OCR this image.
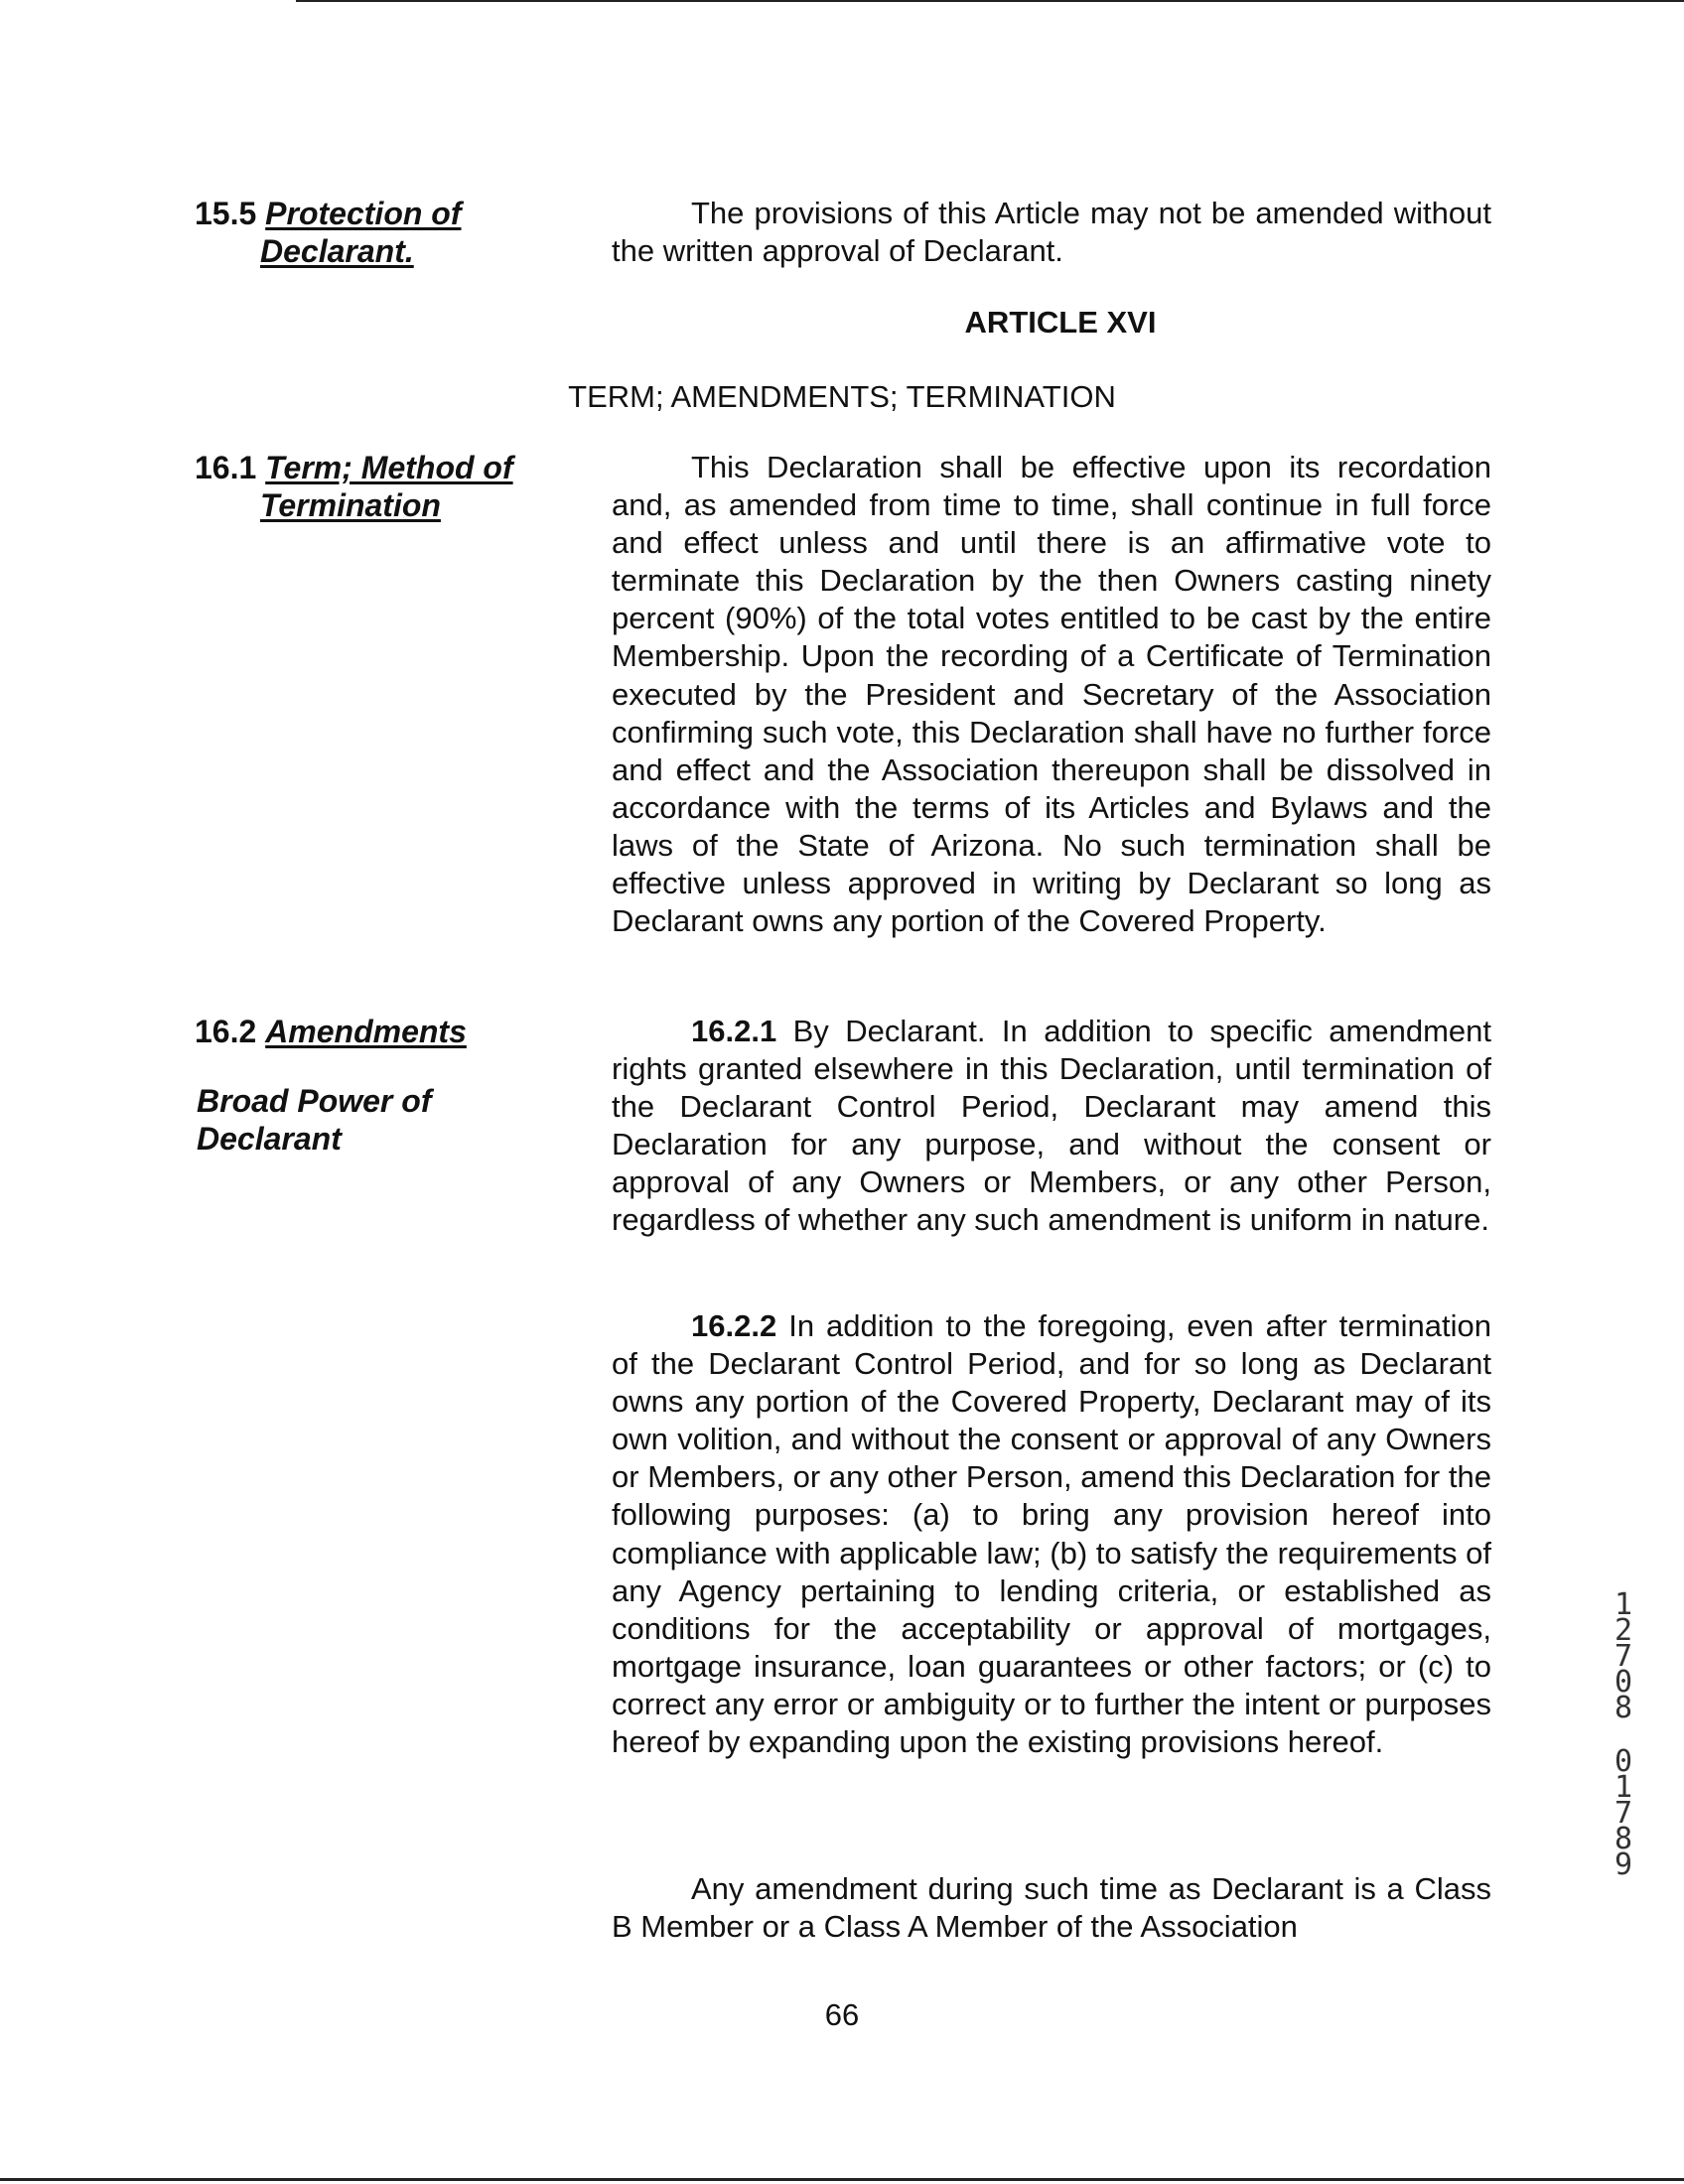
15.5 Protection of
Declarant.
The provisions of this Article may not be amended without the written approval of Declarant.
ARTICLE XVI
TERM; AMENDMENTS; TERMINATION
16.1 Term; Method of
Termination
This Declaration shall be effective upon its recordation and, as amended from time to time, shall continue in full force and effect unless and until there is an affirmative vote to terminate this Declaration by the then Owners casting ninety percent (90%) of the total votes entitled to be cast by the entire Membership. Upon the recording of a Certificate of Termination executed by the President and Secretary of the Association confirming such vote, this Declaration shall have no further force and effect and the Association thereupon shall be dissolved in accordance with the terms of its Articles and Bylaws and the laws of the State of Arizona. No such termination shall be effective unless approved in writing by Declarant so long as Declarant owns any portion of the Covered Property.
16.2 Amendments
Broad Power of
Declarant
16.2.1 By Declarant. In addition to specific amendment rights granted elsewhere in this Declaration, until termination of the Declarant Control Period, Declarant may amend this Declaration for any purpose, and without the consent or approval of any Owners or Members, or any other Person, regardless of whether any such amendment is uniform in nature.
16.2.2 In addition to the foregoing, even after termination of the Declarant Control Period, and for so long as Declarant owns any portion of the Covered Property, Declarant may of its own volition, and without the consent or approval of any Owners or Members, or any other Person, amend this Declaration for the following purposes: (a) to bring any provision hereof into compliance with applicable law; (b) to satisfy the requirements of any Agency pertaining to lending criteria, or established as conditions for the acceptability or approval of mortgages, mortgage insurance, loan guarantees or other factors; or (c) to correct any error or ambiguity or to further the intent or purposes hereof by expanding upon the existing provisions hereof.
Any amendment during such time as Declarant is a Class B Member or a Class A Member of the Association
66
1
2
7
0
8
0
1
7
8
9
